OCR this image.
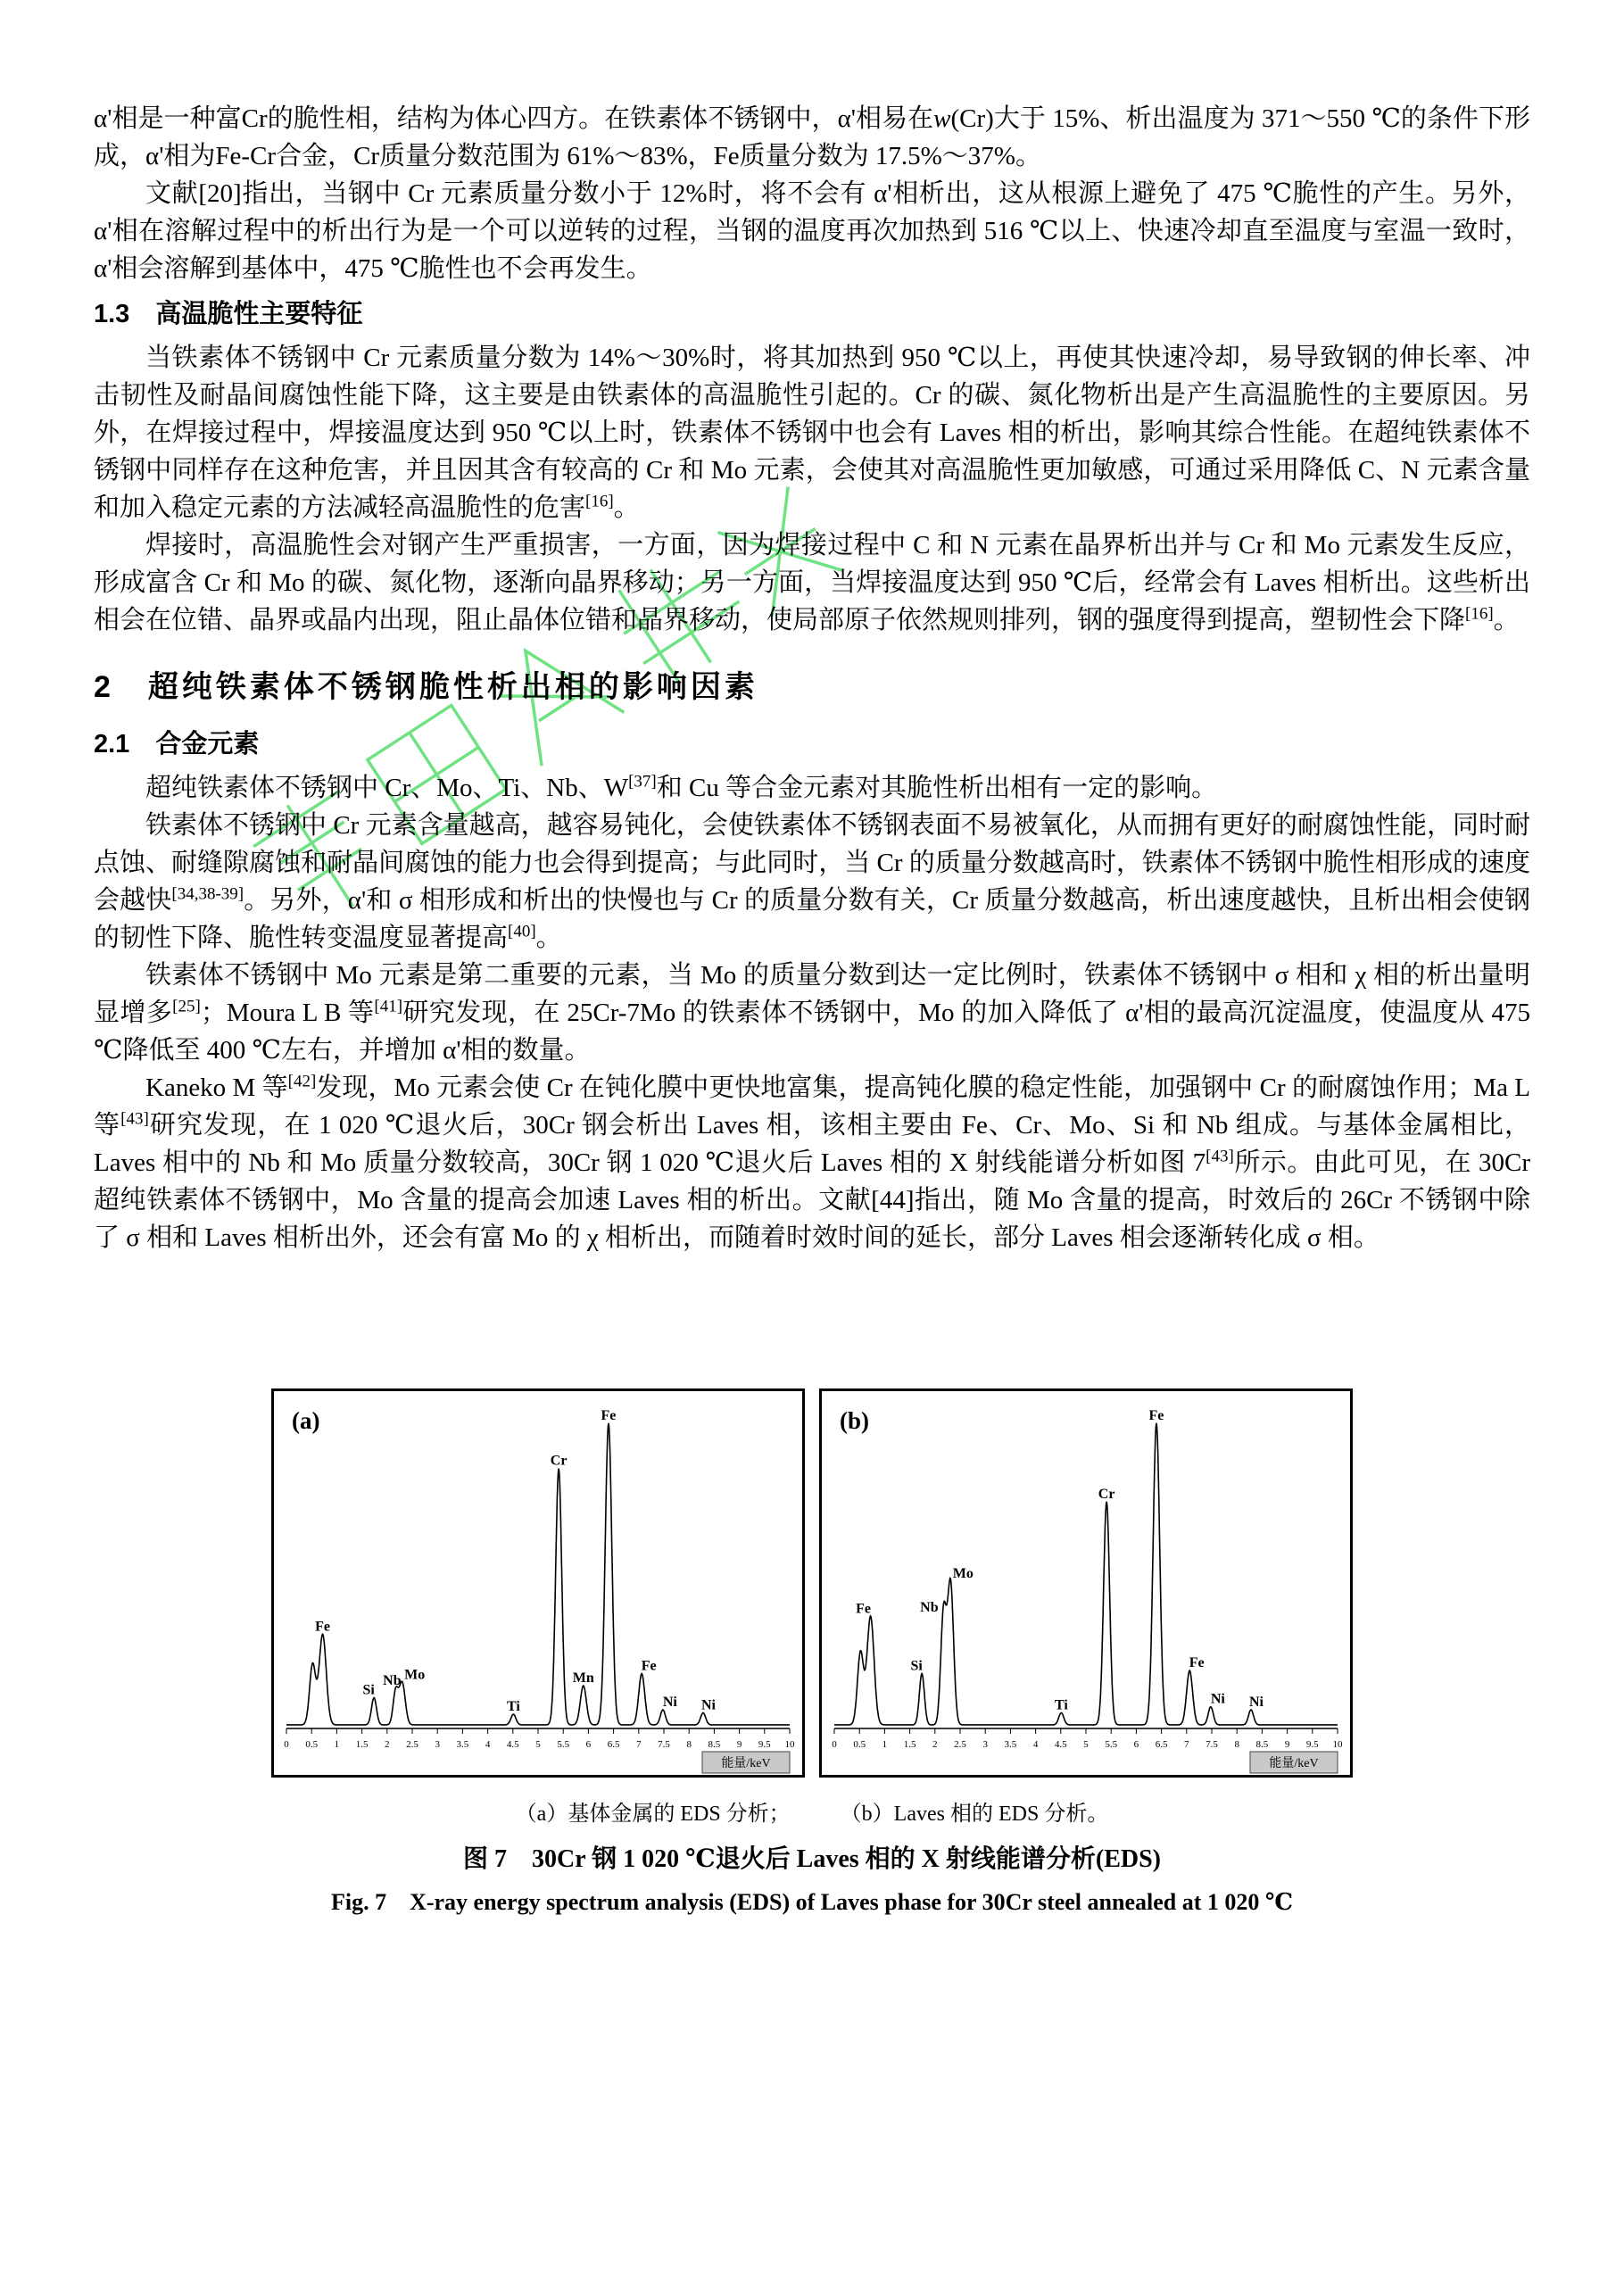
α'相是一种富Cr的脆性相，结构为体心四方。在铁素体不锈钢中，α'相易在w(Cr)大于 15%、析出温度为 371～550 ℃的条件下形成，α'相为Fe-Cr合金，Cr质量分数范围为 61%～83%，Fe质量分数为 17.5%～37%。

文献[20]指出，当钢中 Cr 元素质量分数小于 12%时，将不会有 α'相析出，这从根源上避免了 475 ℃脆性的产生。另外，α'相在溶解过程中的析出行为是一个可以逆转的过程，当钢的温度再次加热到 516 ℃以上、快速冷却直至温度与室温一致时，α'相会溶解到基体中，475 ℃脆性也不会再发生。

1.3　高温脆性主要特征

当铁素体不锈钢中 Cr 元素质量分数为 14%～30%时，将其加热到 950 ℃以上，再使其快速冷却，易导致钢的伸长率、冲击韧性及耐晶间腐蚀性能下降，这主要是由铁素体的高温脆性引起的。Cr 的碳、氮化物析出是产生高温脆性的主要原因。另外，在焊接过程中，焊接温度达到 950 ℃以上时，铁素体不锈钢中也会有 Laves 相的析出，影响其综合性能。在超纯铁素体不锈钢中同样存在这种危害，并且因其含有较高的 Cr 和 Mo 元素，会使其对高温脆性更加敏感，可通过采用降低 C、N 元素含量和加入稳定元素的方法减轻高温脆性的危害[16]。

焊接时，高温脆性会对钢产生严重损害，一方面，因为焊接过程中 C 和 N 元素在晶界析出并与 Cr 和 Mo 元素发生反应，形成富含 Cr 和 Mo 的碳、氮化物，逐渐向晶界移动；另一方面，当焊接温度达到 950 ℃后，经常会有 Laves 相析出。这些析出相会在位错、晶界或晶内出现，阻止晶体位错和晶界移动，使局部原子依然规则排列，钢的强度得到提高，塑韧性会下降[16]。

2　超纯铁素体不锈钢脆性析出相的影响因素
2.1　合金元素

超纯铁素体不锈钢中 Cr、Mo、Ti、Nb、W[37]和 Cu 等合金元素对其脆性析出相有一定的影响。

铁素体不锈钢中 Cr 元素含量越高，越容易钝化，会使铁素体不锈钢表面不易被氧化，从而拥有更好的耐腐蚀性能，同时耐点蚀、耐缝隙腐蚀和耐晶间腐蚀的能力也会得到提高；与此同时，当 Cr 的质量分数越高时，铁素体不锈钢中脆性相形成的速度会越快[34,38-39]。另外，α'和 σ 相形成和析出的快慢也与 Cr 的质量分数有关，Cr 质量分数越高，析出速度越快，且析出相会使钢的韧性下降、脆性转变温度显著提高[40]。

铁素体不锈钢中 Mo 元素是第二重要的元素，当 Mo 的质量分数到达一定比例时，铁素体不锈钢中 σ 相和 χ 相的析出量明显增多[25]；Moura L B 等[41]研究发现，在 25Cr-7Mo 的铁素体不锈钢中，Mo 的加入降低了 α'相的最高沉淀温度，使温度从 475 ℃降低至 400 ℃左右，并增加 α'相的数量。

Kaneko M 等[42]发现，Mo 元素会使 Cr 在钝化膜中更快地富集，提高钝化膜的稳定性能，加强钢中 Cr 的耐腐蚀作用；Ma L 等[43]研究发现，在 1 020 ℃退火后，30Cr 钢会析出 Laves 相，该相主要由 Fe、Cr、Mo、Si 和 Nb 组成。与基体金属相比，Laves 相中的 Nb 和 Mo 质量分数较高，30Cr 钢 1 020 ℃退火后 Laves 相的 X 射线能谱分析如图 7[43]所示。由此可见，在 30Cr 超纯铁素体不锈钢中，Mo 含量的提高会加速 Laves 相的析出。文献[44]指出，随 Mo 含量的提高，时效后的 26Cr 不锈钢中除了 σ 相和 Laves 相析出外，还会有富 Mo 的 χ 相析出，而随着时效时间的延长，部分 Laves 相会逐渐转化成 σ 相。

0 0.5 1 1.5 2 2.5 3 3.5 4 4.5 5 5.5 6 6.5 7 7.5 8 8.5 9 9.5 10
能量/keV
(a)
Fe
Si
Nb Mo
Ti
Cr
Mn
Fe
Fe
Ni Ni
0 0.5 1 1.5 2 2.5 3 3.5 4 4.5 5 5.5 6 6.5 7 7.5 8 8.5 9 9.5 10
能量/keV
(b)
Fe
Si
Nb
Mo
Ti
Cr
Fe
Fe
Ni Ni
（a）基体金属的 EDS 分析； （b）Laves 相的 EDS 分析。
图 7　30Cr 钢 1 020 ℃退火后 Laves 相的 X 射线能谱分析(EDS)
Fig. 7　X-ray energy spectrum analysis (EDS) of Laves phase for 30Cr steel annealed at 1 020 ℃
